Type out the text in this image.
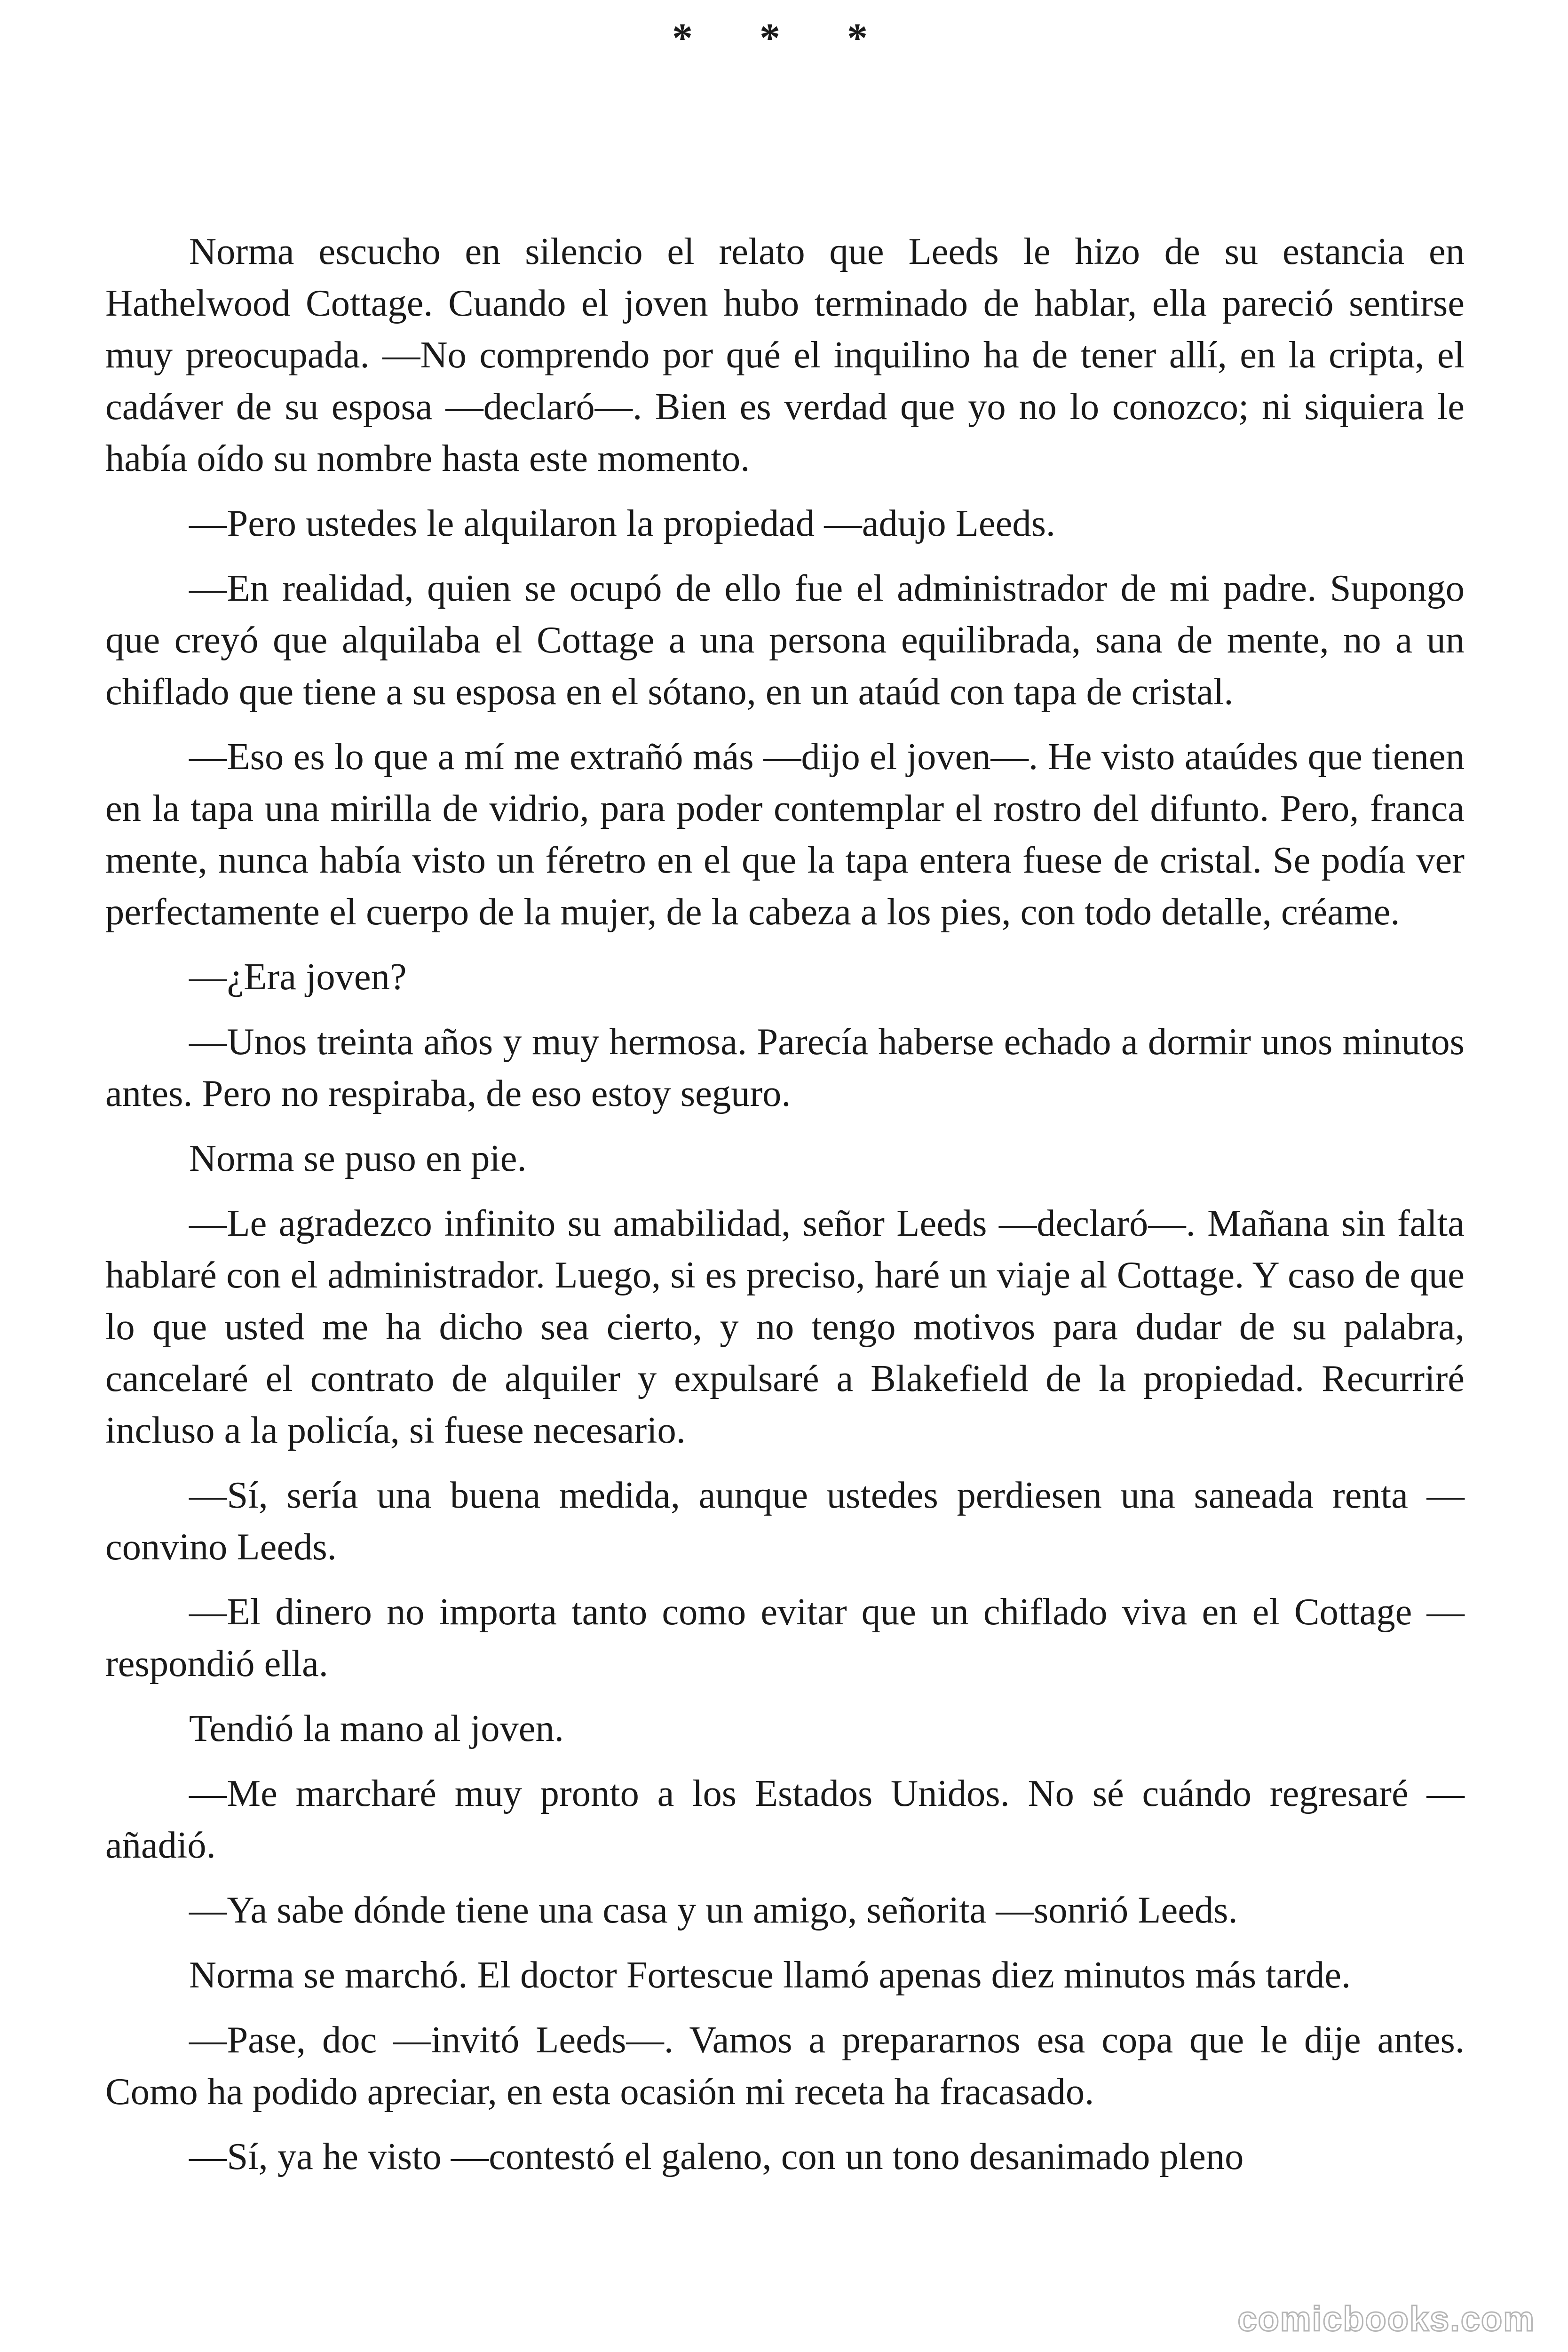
* * *

Norma escucho en silencio el relato que Leeds le hizo de su estancia en Hathelwood Cottage. Cuando el joven hubo terminado de hablar, ella pareció sentirse muy preocupada. —No comprendo por qué el inquilino ha de tener allí, en la cripta, el cadáver de su esposa —declaró—. Bien es verdad que yo no lo conozco; ni siquiera le había oído su nombre hasta este momento.

—Pero ustedes le alquilaron la propiedad —adujo Leeds.

—En realidad, quien se ocupó de ello fue el administrador de mi padre. Supongo que creyó que alquilaba el Cottage a una persona equilibrada, sana de mente, no a un chiflado que tiene a su esposa en el sótano, en un ataúd con tapa de cristal.

—Eso es lo que a mí me extrañó más —dijo el joven—. He visto ataúdes que tienen en la tapa una mirilla de vidrio, para poder contemplar el rostro del difunto. Pero, franca mente, nunca había visto un féretro en el que la tapa entera fuese de cristal. Se podía ver perfectamente el cuerpo de la mujer, de la cabeza a los pies, con todo detalle, créame.

—¿Era joven?

—Unos treinta años y muy hermosa. Parecía haberse echado a dormir unos minutos antes. Pero no respiraba, de eso estoy seguro.

Norma se puso en pie.

—Le agradezco infinito su amabilidad, señor Leeds —declaró—. Mañana sin falta hablaré con el administrador. Luego, si es preciso, haré un viaje al Cottage. Y caso de que lo que usted me ha dicho sea cierto, y no tengo motivos para dudar de su palabra, cancelaré el contrato de alquiler y expulsaré a Blakefield de la propiedad. Recurriré incluso a la policía, si fuese necesario.

—Sí, sería una buena medida, aunque ustedes perdiesen una saneada renta —convino Leeds.

—El dinero no importa tanto como evitar que un chiflado viva en el Cottage —respondió ella.

Tendió la mano al joven.

—Me marcharé muy pronto a los Estados Unidos. No sé cuándo regresaré —añadió.

—Ya sabe dónde tiene una casa y un amigo, señorita —sonrió Leeds.

Norma se marchó. El doctor Fortescue llamó apenas diez minutos más tarde.

—Pase, doc —invitó Leeds—. Vamos a prepararnos esa copa que le dije antes. Como ha podido apreciar, en esta ocasión mi receta ha fracasado.

—Sí, ya he visto —contestó el galeno, con un tono desanimado pleno

comicbooks.com
